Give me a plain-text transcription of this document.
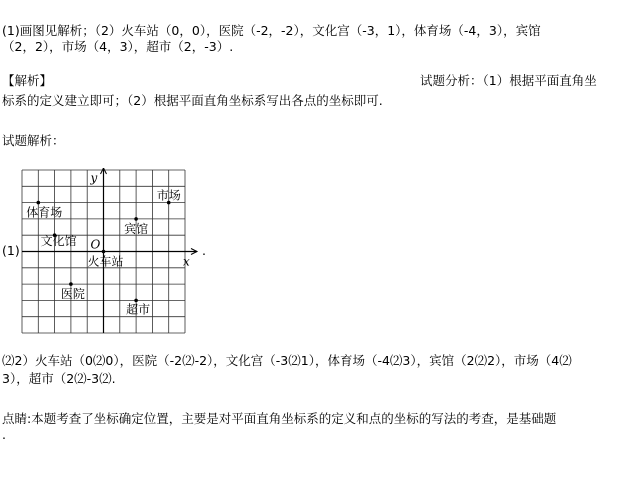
(1)画图见解析；（2）火车站（0，0），医院（-2，-2），文化宫（-3，1），体育场（-4，3），宾馆
（2，2），市场（4，3），超市（2，-3）.
【解析】	试题分析：（1）根据平面直角坐
标系的定义建立即可；（2）根据平面直角坐标系写出各点的坐标即可.
试题解析：
(1)	.
y
x
O
体育场
文化馆
火车站
宾馆
市场
医院
超市
⑵2）火车站（0⑵0），医院（-2⑵-2），文化宫（-3⑵1），体育场（-4⑵3），宾馆（2⑵2），市场（4⑵
3），超市（2⑵-3⑵.
点睛:本题考查了坐标确定位置，主要是对平面直角坐标系的定义和点的坐标的写法的考查，是基础题
.
